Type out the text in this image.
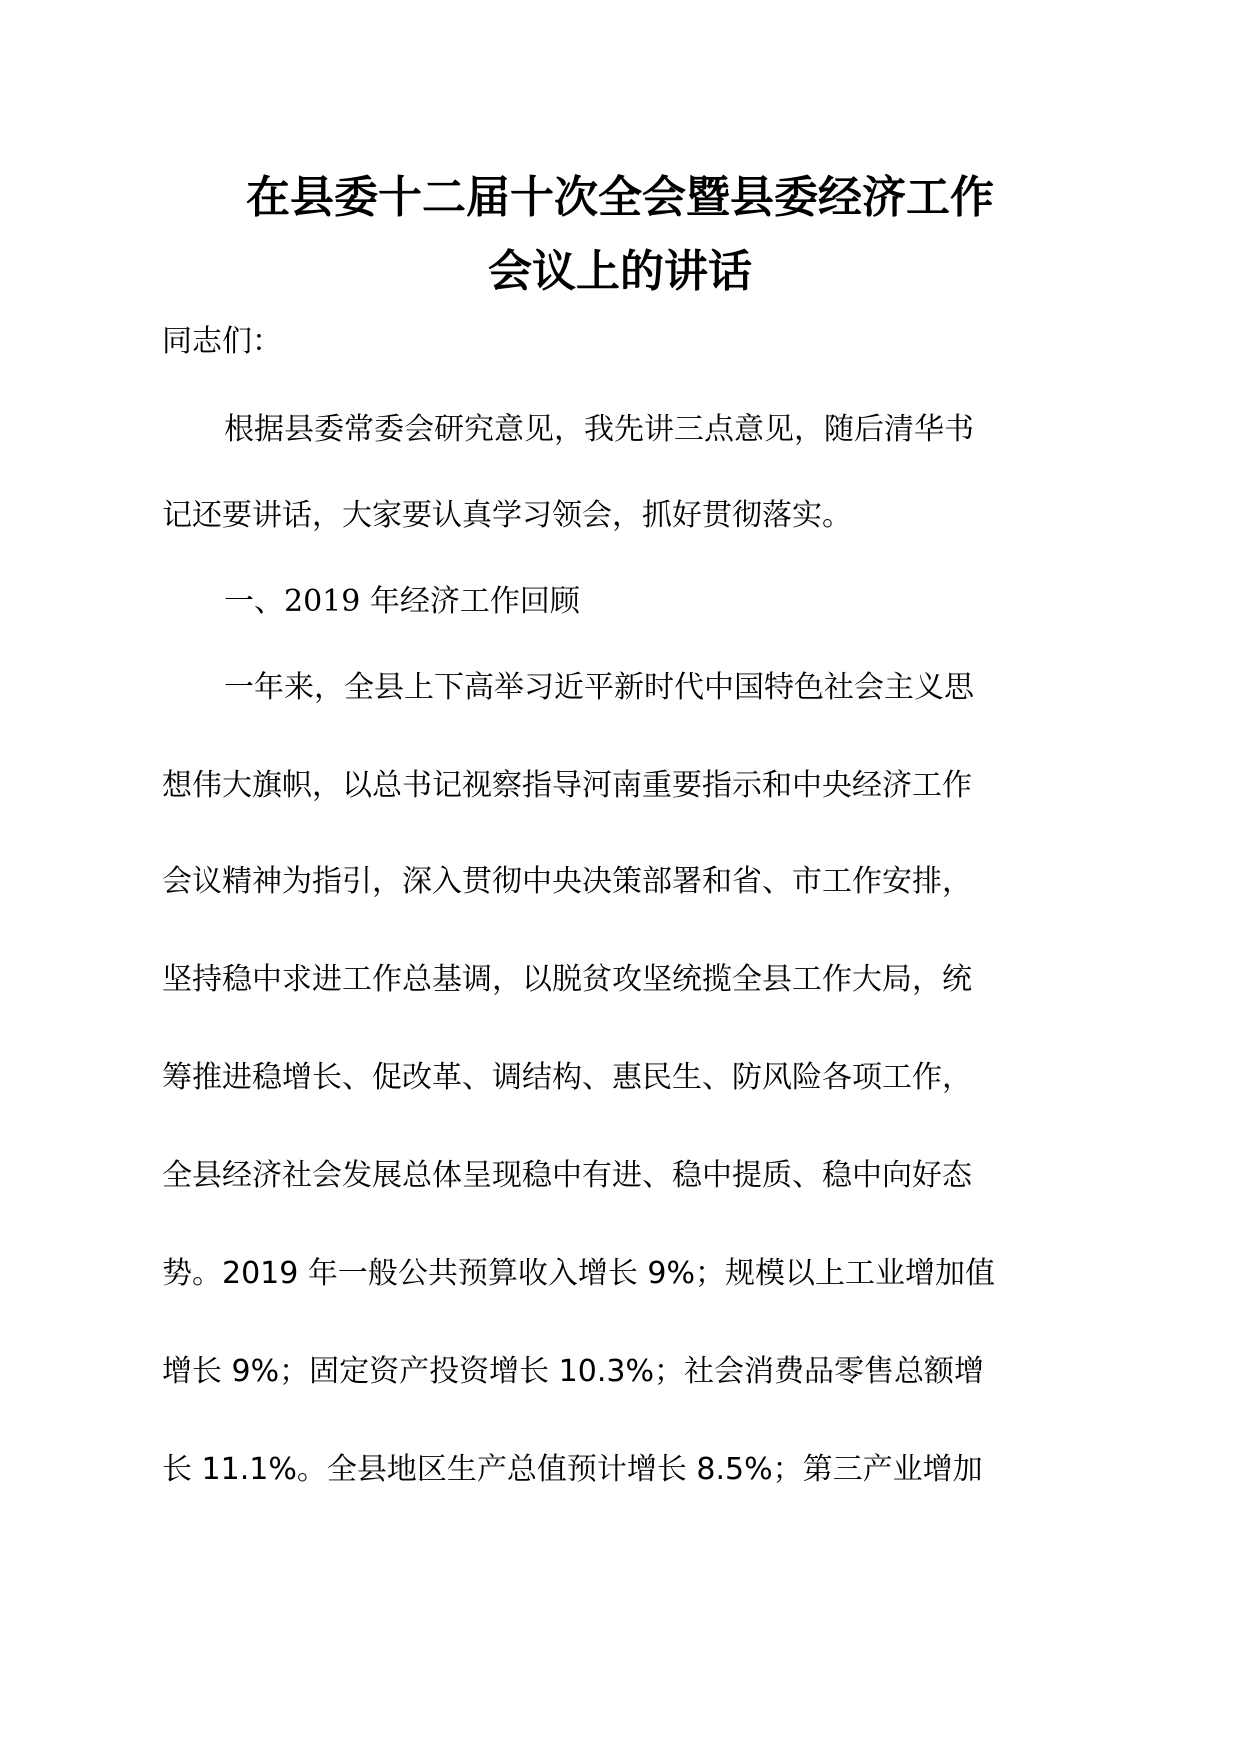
在县委十二届十次全会暨县委经济工作
会议上的讲话

同志们：

根据县委常委会研究意见，我先讲三点意见，随后清华书

记还要讲话，大家要认真学习领会，抓好贯彻落实。

一、2019 年经济工作回顾

一年来，全县上下高举习近平新时代中国特色社会主义思

想伟大旗帜，以总书记视察指导河南重要指示和中央经济工作

会议精神为指引，深入贯彻中央决策部署和省、市工作安排，

坚持稳中求进工作总基调，以脱贫攻坚统揽全县工作大局，统

筹推进稳增长、促改革、调结构、惠民生、防风险各项工作，

全县经济社会发展总体呈现稳中有进、稳中提质、稳中向好态

势。2019 年一般公共预算收入增长 9%；规模以上工业增加值

增长 9%；固定资产投资增长 10.3%；社会消费品零售总额增

长 11.1%。全县地区生产总值预计增长 8.5%；第三产业增加
